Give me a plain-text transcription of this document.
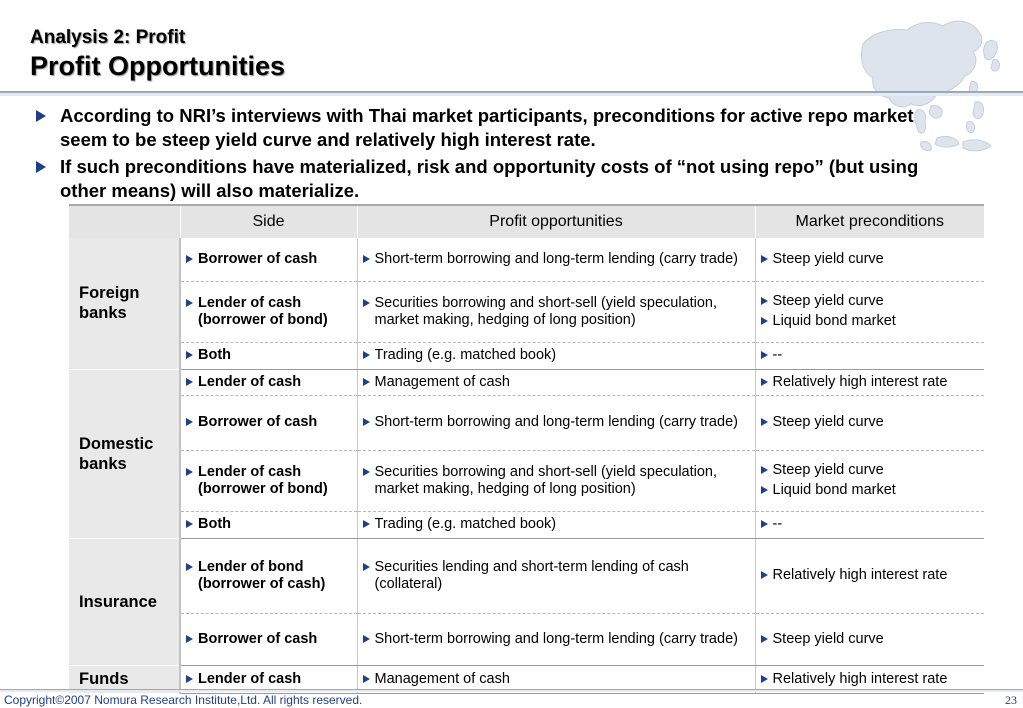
Analysis 2: Profit
Profit Opportunities
According to NRI’s interviews with Thai market participants, preconditions for active repo market seem to be steep yield curve and relatively high interest rate.
If such preconditions have materialized, risk and opportunity costs of “not using repo” (but using other means) will also materialize.
	Side	Profit opportunities	Market preconditions
Foreign banks	Borrower of cash	Short-term borrowing and long-term lending (carry trade)	Steep yield curve

	Lender of cash (borrower of bond)	Securities borrowing and short-sell (yield speculation, market making, hedging of long position)	Steep yield curve
Liquid bond market

	Both	Trading (e.g. matched book)	--

Domestic banks	Lender of cash	Management of cash	Relatively high interest rate

	Borrower of cash	Short-term borrowing and long-term lending (carry trade)	Steep yield curve

	Lender of cash (borrower of bond)	Securities borrowing and short-sell (yield speculation, market making, hedging of long position)	Steep yield curve
Liquid bond market

	Both	Trading (e.g. matched book)	--

Insurance	Lender of bond (borrower of cash)	Securities lending and short-term lending of cash (collateral)	Relatively high interest rate

	Borrower of cash	Short-term borrowing and long-term lending (carry trade)	Steep yield curve

Funds	Lender of cash	Management of cash	Relatively high interest rate
Copyright©2007 Nomura Research Institute,Ltd. All rights reserved.	23
